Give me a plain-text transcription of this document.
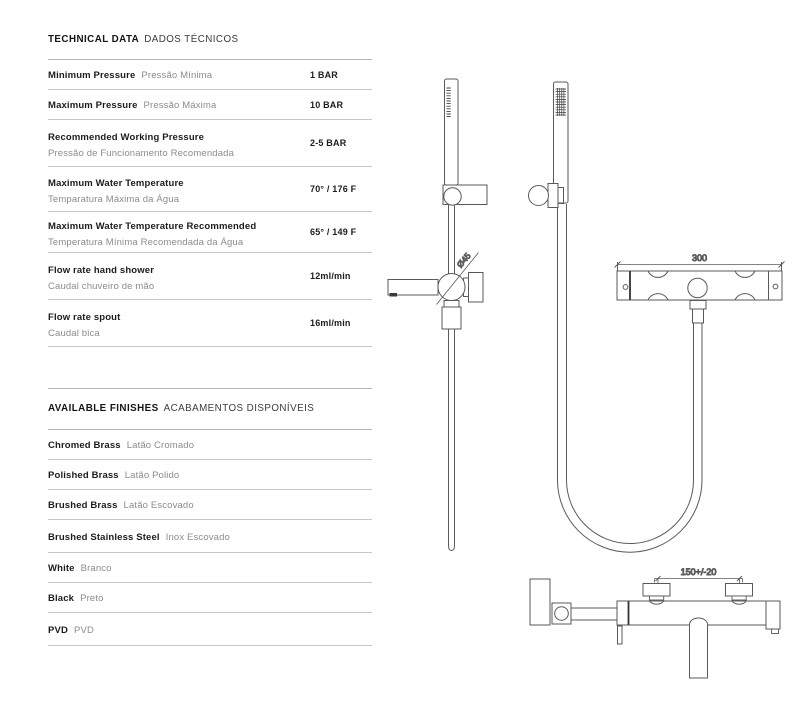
TECHNICAL DATA DADOS TÉCNICOS
Minimum Pressure Pressão Mínima	1 BAR
Maximum Pressure Pressão Máxima	10 BAR
Recommended Working Pressure
Pressão de Funcionamento Recomendada
2-5 BAR
Maximum Water Temperature
Temparatura Máxima da Água
70° / 176 F
Maximum Water Temperature Recommended
Temperatura Mínima Recomendada da Água
65° / 149 F
Flow rate hand shower
Caudal chuveiro de mão
12ml/min
Flow rate spout
Caudal bica
16ml/min
AVAILABLE FINISHES ACABAMENTOS DISPONÍVEIS
Chromed Brass Latão Cromado
Polished Brass Latão Polido
Brushed Brass Latão Escovado
Brushed Stainless Steel Inox Escovado
White Branco
Black Preto
PVD PVD
Ø45	300
150+/-20
